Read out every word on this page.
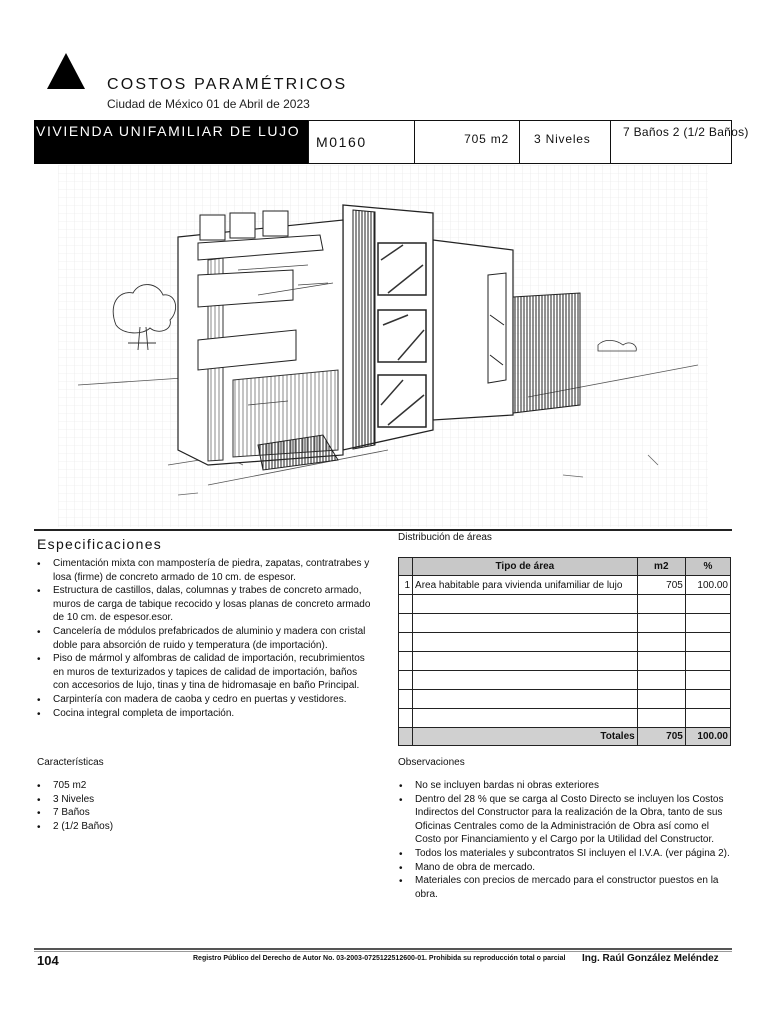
COSTOS PARAMÉTRICOS
Ciudad de México 01 de Abril de 2023
VIVIENDA UNIFAMILIAR DE LUJO
M0160	705 m2 3 Niveles	7 Baños 2 (1/2 Baños)
Especificaciones
• Cimentación mixta con mampostería de piedra, zapatas, contratrabes y losa (firme) de concreto armado de 10 cm. de espesor.
• Estructura de castillos, dalas, columnas y trabes de concreto armado, muros de carga de tabique recocido y losas planas de concreto armado de 10 cm. de espesor.esor.
• Cancelería de módulos prefabricados de aluminio y madera con cristal doble para absorción de ruido y temperatura (de importación).
• Piso de mármol y alfombras de calidad de importación, recubrimientos en muros de texturizados y tapices de calidad de importación, baños con accesorios de lujo, tinas y tina de hidromasaje en baño Principal.
• Carpintería con madera de caoba y cedro en puertas y vestidores.
• Cocina integral completa de importación.
Distribución de áreas
	Tipo de área	m2	%
1	Area habitable para vivienda unifamiliar de lujo	705	100.00

	Totales	705	100.00
Características
• 705 m2
• 3 Niveles
• 7 Baños
• 2 (1/2 Baños)
Observaciones
• No se incluyen bardas ni obras exteriores
• Dentro del 28 % que se carga al Costo Directo se incluyen los Costos Indirectos del Constructor para la realización de la Obra, tanto de sus Oficinas Centrales como de la Administración de Obra así como el Costo por Financiamiento y el Cargo por la Utilidad del Constructor.
• Todos los materiales y subcontratos SI incluyen el I.V.A. (ver página 2).
• Mano de obra de mercado.
• Materiales con precios de mercado para el constructor puestos en la obra.
104	Registro Público del Derecho de Autor No. 03-2003-0725122512600-01. Prohibida su reproducción total o parcial Ing. Raúl González Meléndez
